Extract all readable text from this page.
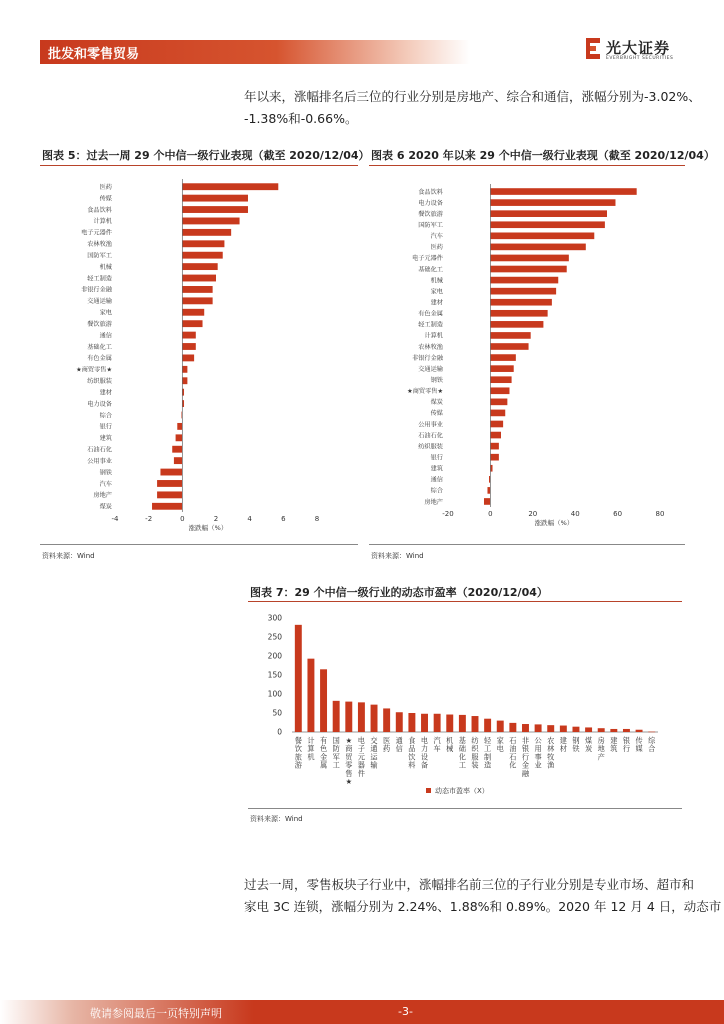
批发和零售贸易	光大证券
EVERBRIGHT SECURITIES
年以来，涨幅排名后三位的行业分别是房地产、综合和通信，涨幅分别为-3.02%、
-1.38%和-0.66%。
图表 5：过去一周 29 个中信一级行业表现（截至 2020/12/04）
医药
传媒
食品饮料
计算机
电子元器件
农林牧渔
国防军工
机械
轻工制造
非银行金融
交通运输
家电
餐饮旅游
通信
基础化工
有色金属
★商贸零售★
纺织服装
建材
电力设备
综合
银行
建筑
石油石化
公用事业
钢铁
汽车
房地产
煤炭
-4	-2	0	2	4	6	8
涨跌幅（%）
资料来源：Wind
图表 6 2020 年以来 29 个中信一级行业表现（截至 2020/12/04）
食品饮料
电力设备
餐饮旅游
国防军工
汽车
医药
电子元器件
基础化工
机械
家电
建材
有色金属
轻工制造
计算机
农林牧渔
非银行金融
交通运输
钢铁
★商贸零售★
煤炭
传媒
公用事业
石油石化
纺织服装
银行
建筑
通信
综合
房地产
-20	0	20	40	60	80
涨跌幅（%）
资料来源：Wind
图表 7：29 个中信一级行业的动态市盈率（2020/12/04）
0
50
100
150
200
250
300
餐饮旅游
计算机
有色金属
国防军工
★商贸零售★
电子元器件
交通运输
医药
通信
食品饮料
电力设备
汽车
机械
基础化工
纺织服装
轻工制造
家电
石油石化
非银行金融
公用事业
农林牧渔
建材
钢铁
煤炭
房地产
建筑
银行
传媒
综合
动态市盈率（X）
资料来源：Wind
过去一周，零售板块子行业中，涨幅排名前三位的子行业分别是专业市场、超市和
家电 3C 连锁，涨幅分别为 2.24%、1.88%和 0.89%。2020 年 12 月 4 日，动态市
敬请参阅最后一页特别声明	-3-
